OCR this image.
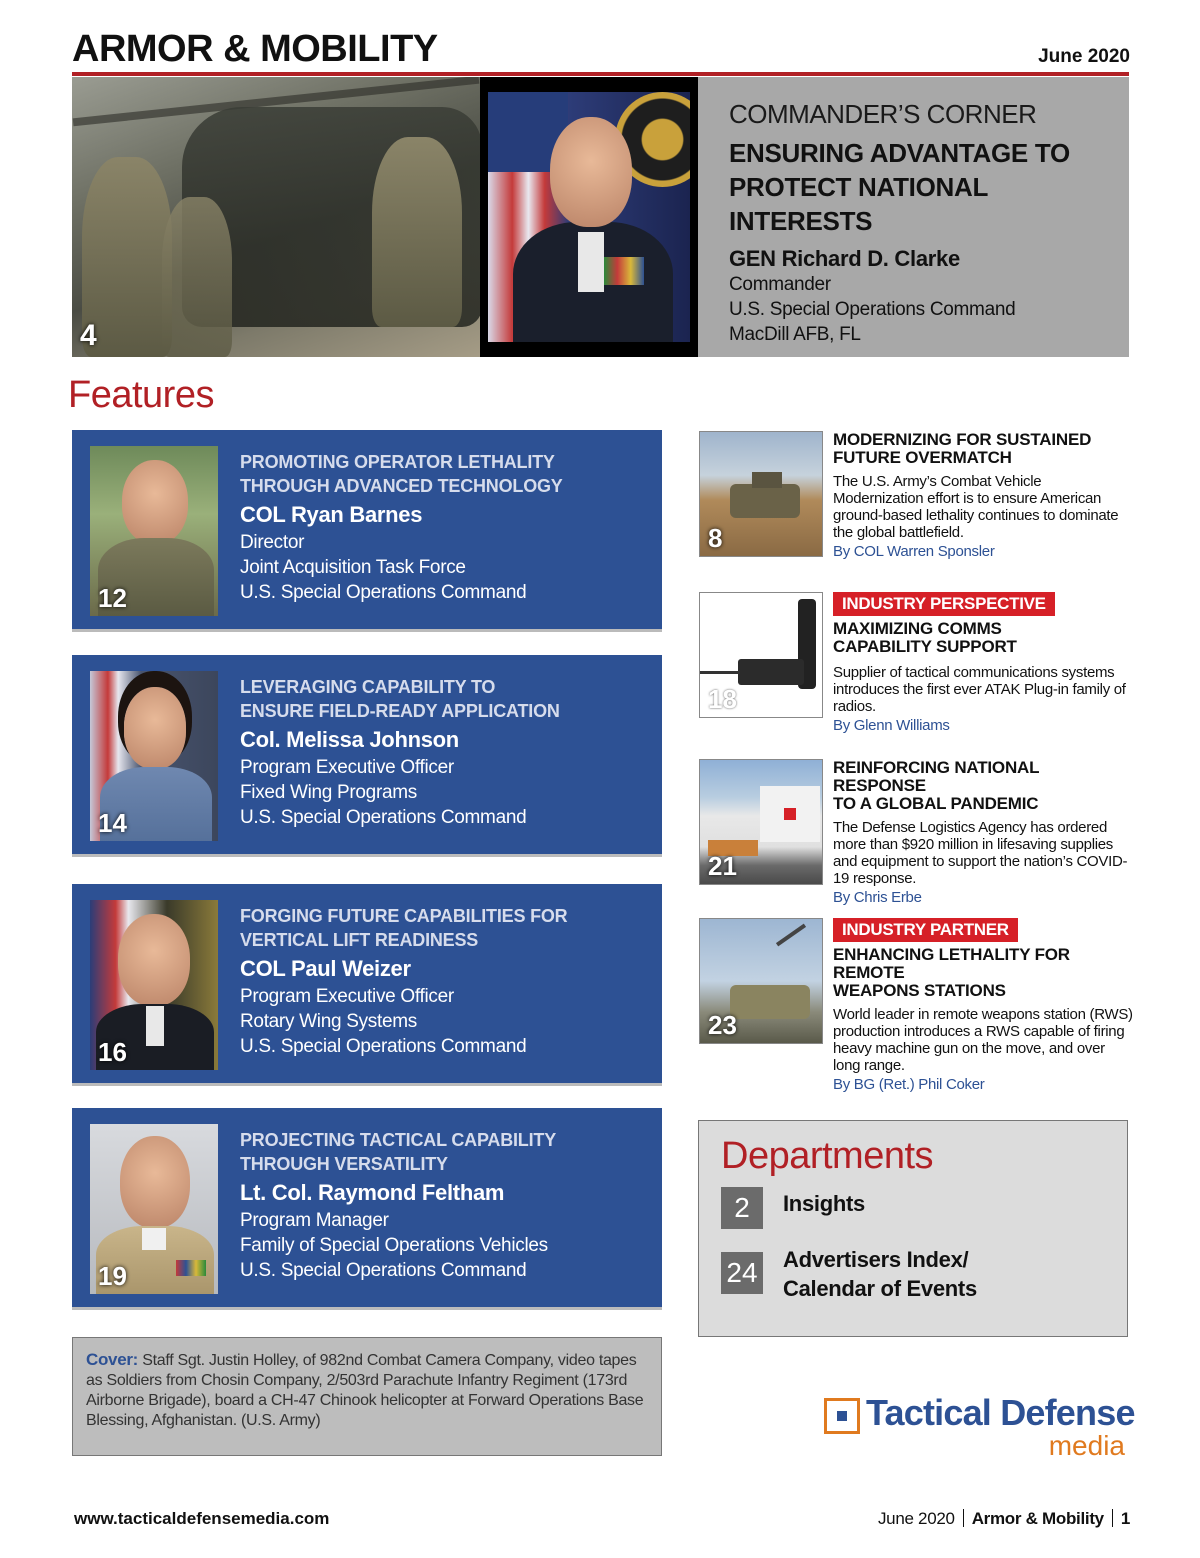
ARMOR & MOBILITY	June 2020
4
COMMANDER’S CORNER
ENSURING ADVANTAGE TO
PROTECT NATIONAL INTERESTS
GEN Richard D. Clarke
Commander
U.S. Special Operations Command
MacDill AFB, FL
Features
12
PROMOTING OPERATOR LETHALITY
THROUGH ADVANCED TECHNOLOGY
COL Ryan Barnes
Director
Joint Acquisition Task Force
U.S. Special Operations Command
14
LEVERAGING CAPABILITY TO
ENSURE FIELD-READY APPLICATION
Col. Melissa Johnson
Program Executive Officer
Fixed Wing Programs
U.S. Special Operations Command
16
FORGING FUTURE CAPABILITIES FOR
VERTICAL LIFT READINESS
COL Paul Weizer
Program Executive Officer
Rotary Wing Systems
U.S. Special Operations Command
19
PROJECTING TACTICAL CAPABILITY
THROUGH VERSATILITY
Lt. Col. Raymond Feltham
Program Manager
Family of Special Operations Vehicles
U.S. Special Operations Command
8
MODERNIZING FOR SUSTAINED
FUTURE OVERMATCH
The U.S. Army’s Combat Vehicle Modernization effort is to ensure American ground-based lethality continues to dominate the global battlefield.
By COL Warren Sponsler
18
INDUSTRY PERSPECTIVE
MAXIMIZING COMMS
CAPABILITY SUPPORT
Supplier of tactical communications systems introduces the first ever ATAK Plug-in family of radios.
By Glenn Williams
21
REINFORCING NATIONAL RESPONSE
TO A GLOBAL PANDEMIC
The Defense Logistics Agency has ordered more than $920 million in lifesaving supplies and equipment to support the nation’s COVID-19 response.
By Chris Erbe
23
INDUSTRY PARTNER
ENHANCING LETHALITY FOR REMOTE
WEAPONS STATIONS
World leader in remote weapons station (RWS) production introduces a RWS capable of firing heavy machine gun on the move, and over long range.
By BG (Ret.) Phil Coker
Departments
2	Insights
24 Advertisers Index/
Calendar of Events
Cover: Staff Sgt. Justin Holley, of 982nd Combat Camera Company, video tapes as Soldiers from Chosin Company, 2/503rd Parachute Infantry Regiment (173rd Airborne Brigade), board a CH-47 Chinook helicopter at Forward Operations Base Blessing, Afghanistan. (U.S. Army)	Tactical Defense
media
www.tacticaldefensemedia.com	June 2020 Armor & Mobility 1
